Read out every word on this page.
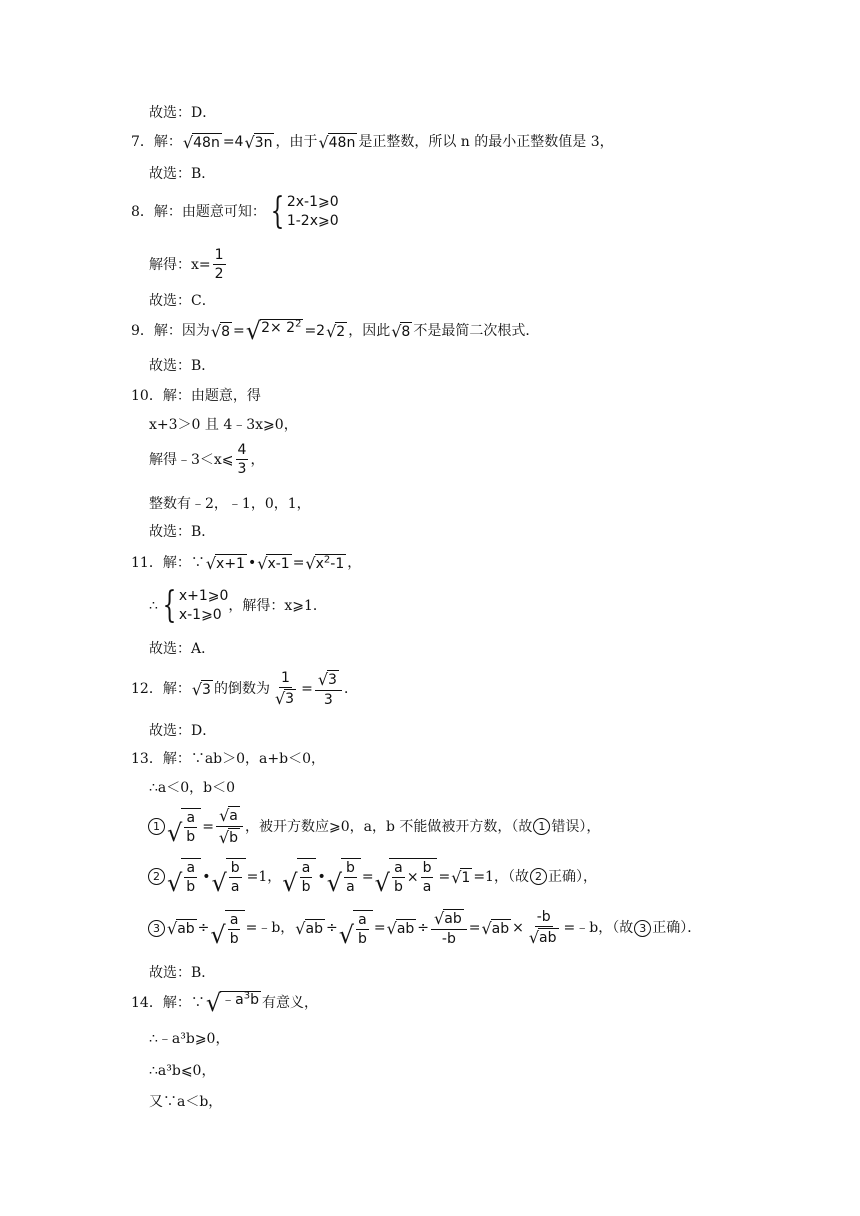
故选：D．
7．解： √ 48n =4 √ 3n ，由于 √ 48n 是正整数，所以 n 的最小正整数值是 3，
故选：B．
8．解：由题意可知： { 2x-1⩾0
1-2x⩾0
解得：$x= \frac{1}{2}$
故选：C．
9．解：因为 √ 8 = √ $2\times 2^2 =2$ √ 2 ，因此 √ 8 不是最简二次根式．
故选：B．
10．解：由题意，得
x+3＞0 且 4﹣3x⩾0，
解得﹣3＜x⩽ $\frac{4}{3}$ ，
整数有﹣2，﹣1，0，1，
故选：B．
11．解：∵ √ x+1 • √ x-1 = √ $x^2-1$ ，
∴ { x+1⩾0
x-1⩾0
，解得：x⩾1．
故选：A．
12．解： √ 3 的倒数为 $\frac{1}{√ 3} = \frac{√ 3}{3}$ ．
故选：D．
13．解：∵ab＞0，a+b＜0，
∴a＜0，b＜0
1 √ $\frac{a}{b} = \frac{√ a}{√ b}$ ，被开方数应⩾0，a，b 不能做被开方数，（故 1 错误），
2 √ $\frac{a}{b}$ • √ $\frac{b}{a} =1$， √ $\frac{a}{b}$ • √ $\frac{b}{a}$ = √ $\frac{a}{b} \times \frac{b}{a}$ = √ 1 =1，（故 2 正确），
3 √ ab ÷ √ $\frac{a}{b}$ =﹣b， √ ab ÷ √ $\frac{a}{b}$ = √ ab ÷ $\frac{√ ab}{-b}$ = √ ab × $\frac{-b}{√ ab}$ =﹣b，（故 3 正确）．
故选：B．
14．解：∵ √ $﹣a^3b$ 有意义，
∴﹣a³b⩾0，
∴a³b⩽0，
又∵a＜b，
